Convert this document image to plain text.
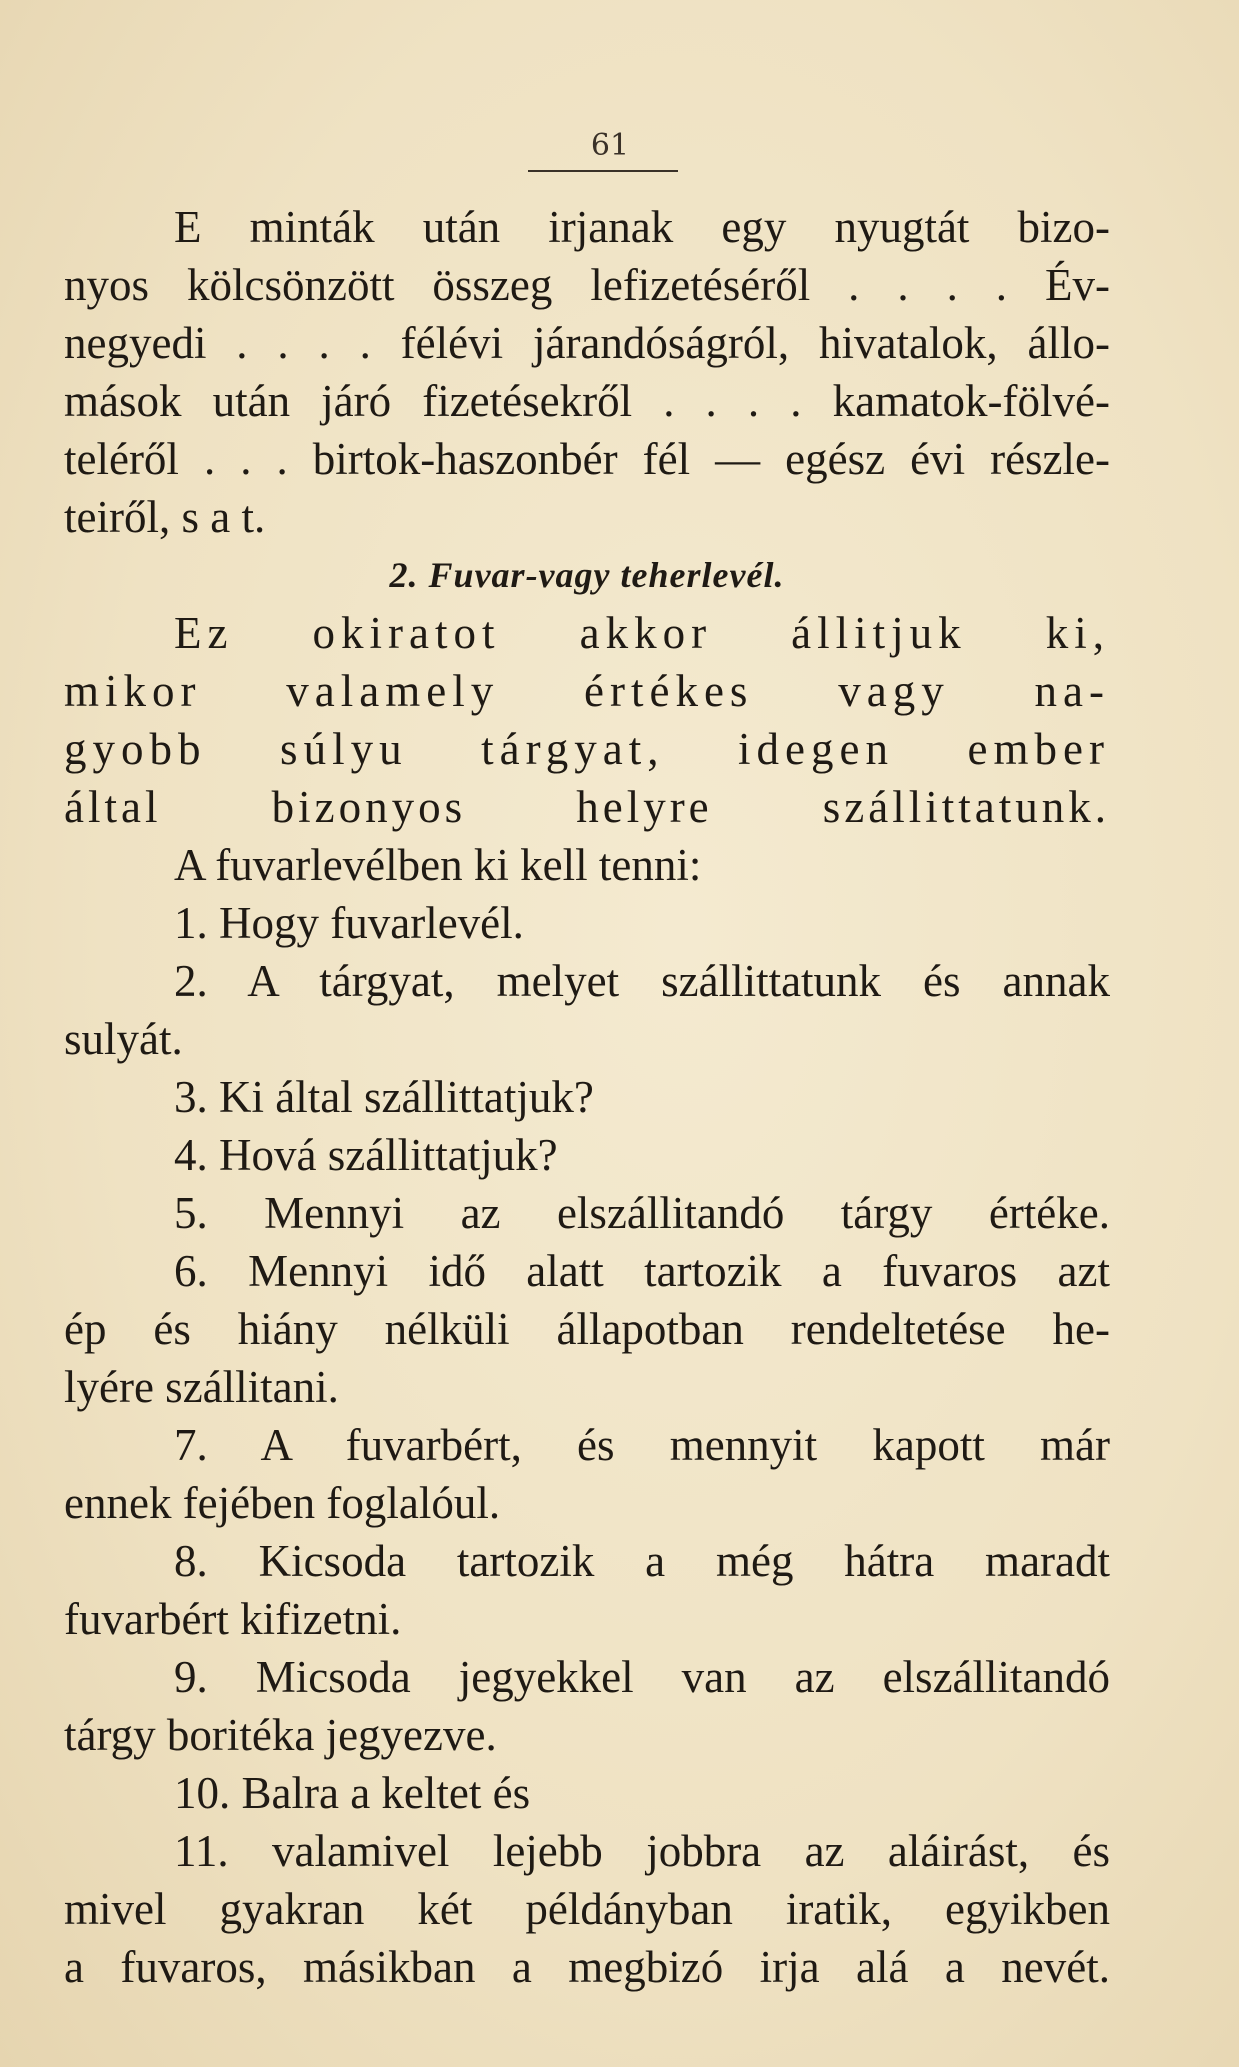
61
E minták után irjanak egy nyugtát bizo-
nyos kölcsönzött összeg lefizetéséről . . . . Év-
negyedi . . . . félévi járandóságról, hivatalok, állo-
mások után járó fizetésekről . . . . kamatok-fölvé-
teléről . . . birtok-haszonbér fél — egész évi részle-
teiről, s a t.
2. Fuvar-vagy teherlevél.
Ez okiratot akkor állitjuk ki,
mikor valamely értékes vagy na-
gyobb súlyu tárgyat, idegen ember
által bizonyos helyre szállittatunk.
A fuvarlevélben ki kell tenni:
1. Hogy fuvarlevél.
2. A tárgyat, melyet szállittatunk és annak
sulyát.
3. Ki által szállittatjuk?
4. Hová szállittatjuk?
5. Mennyi az elszállitandó tárgy értéke.
6. Mennyi idő alatt tartozik a fuvaros azt
ép és hiány nélküli állapotban rendeltetése he-
lyére szállitani.
7. A fuvarbért, és mennyit kapott már
ennek fejében foglalóul.
8. Kicsoda tartozik a még hátra maradt
fuvarbért kifizetni.
9. Micsoda jegyekkel van az elszállitandó
tárgy boritéka jegyezve.
10. Balra a keltet és
11. valamivel lejebb jobbra az aláirást, és
mivel gyakran két példányban iratik, egyikben
a fuvaros, másikban a megbizó irja alá a nevét.
